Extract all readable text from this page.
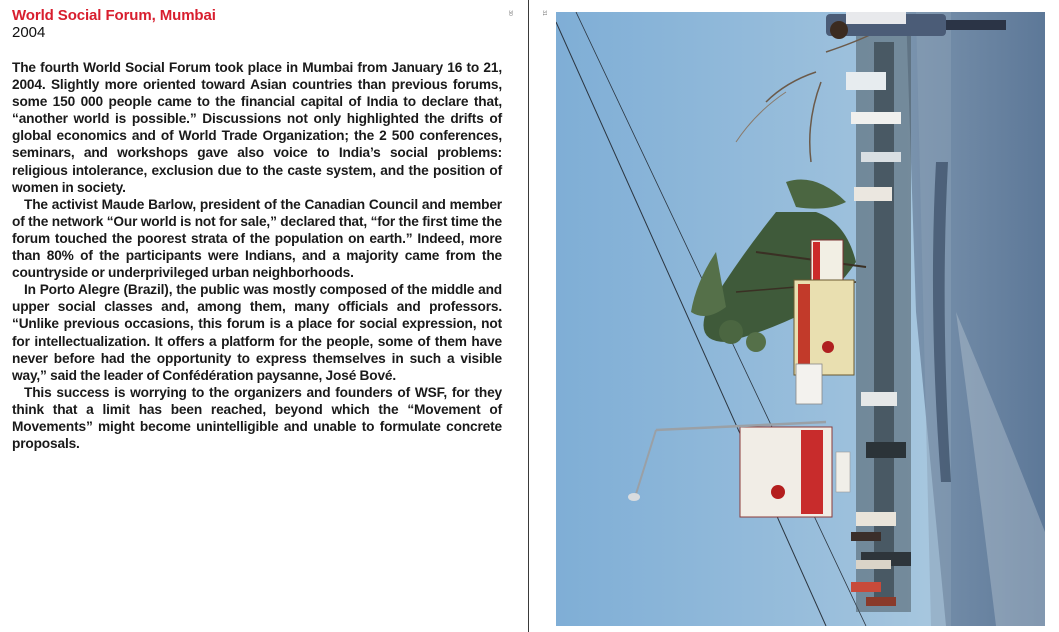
World Social Forum, Mumbai
2004

The fourth World Social Forum took place in Mumbai from January 16 to 21, 2004. Slightly more oriented toward Asian countries than previous forums, some 150 000 people came to the financial capital of India to declare that, “another world is possible.” Discussions not only highlighted the drifts of global economics and of World Trade Organization; the 2 500 conferences, seminars, and workshops gave also voice to India’s social problems: religious intolerance, exclusion due to the caste system, and the position of women in society.

The activist Maude Barlow, president of the Canadian Council and member of the network “Our world is not for sale,” declared that, “for the first time the forum touched the poorest strata of the population on earth.” Indeed, more than 80% of the participants were Indians, and a majority came from the countryside or underprivileged urban neighborhoods.

In Porto Alegre (Brazil), the public was mostly composed of the middle and upper social classes and, among them, many officials and professors. “Unlike previous occasions, this forum is a place for social expression, not for intellectualization. It offers a platform for the people, some of them have never before had the opportunity to express themselves in such a visible way,” said the leader of Confédération paysanne, José Bové.

This success is worrying to the organizers and founders of WSF, for they think that a limit has been reached, beyond which the “Movement of Movements” might become unintelligible and unable to formulate concrete proposals.

30	31
